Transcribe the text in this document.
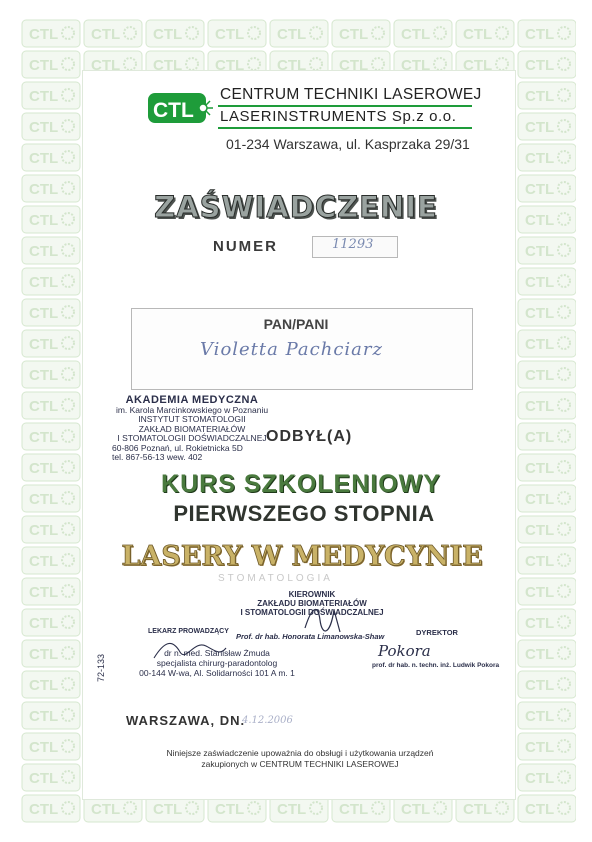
CTL
CENTRUM TECHNIKI LASEROWEJ
LASERINSTRUMENTS Sp.z o.o.
01-234 Warszawa, ul. Kasprzaka 29/31
ZAŚWIADCZENIE
NUMER	11293
PAN/PANI
Violetta Pachciarz
AKADEMIA MEDYCZNA
im. Karola Marcinkowskiego w Poznaniu
INSTYTUT STOMATOLOGII
ZAKŁAD BIOMATERIAŁÓW
I STOMATOLOGII DOŚWIADCZALNEJ
60-806 Poznań, ul. Rokietnicka 5D
tel. 867-56-13 wew. 402
ODBYŁ(A)
KURS SZKOLENIOWY
PIERWSZEGO STOPNIA
LASERY W MEDYCYNIE
STOMATOLOGIA
KIEROWNIK
ZAKŁADU BIOMATERIAŁÓW
I STOMATOLOGII DOŚWIADCZALNEJ
Prof. dr hab. Honorata Limanowska-Shaw
LEKARZ PROWADZĄCY	DYREKTOR
Pokora
prof. dr hab. n. techn. inż. Ludwik Pokora
dr n. med. Stanisław Żmuda
specjalista chirurg-paradontolog
00-144 W-wa, Al. Solidarności 101 A m. 1
72-133
WARSZAWA, DN.
4.12.2006
Niniejsze zaświadczenie upoważnia do obsługi i użytkowania urządzeń
zakupionych w CENTRUM TECHNIKI LASEROWEJ
